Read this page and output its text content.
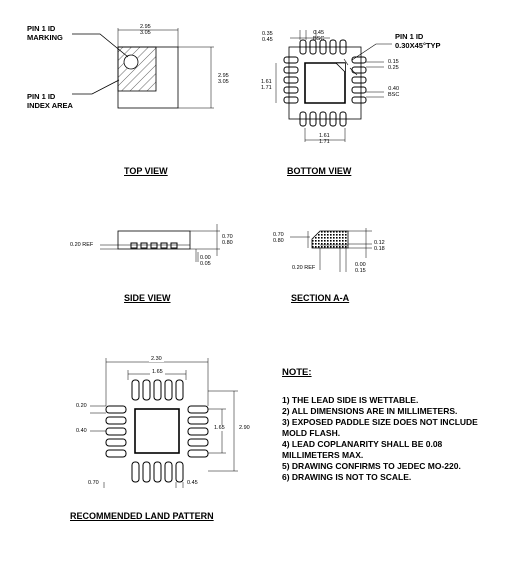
PIN 1 ID
MARKING
PIN 1 ID
INDEX AREA
2.95
3.05
2.95
3.05
PIN 1 ID
0.30X45°TYP
0.35
0.45
0.45
BSC
0.15
0.25
0.40
BSC
1.61
1.71
1.61
1.71
TOP VIEW	BOTTOM VIEW
0.20 REF
0.70
0.80
0.00
0.05
0.70
0.80	0.12
0.18
0.20 REF	0.00
0.15
SIDE VIEW	SECTION A-A
2.30
1.65
0.20
0.40	1.65	2.90
0.70	0.45
RECOMMENDED LAND PATTERN
NOTE:
1) THE LEAD SIDE IS WETTABLE.
2) ALL DIMENSIONS ARE IN MILLIMETERS.
3) EXPOSED PADDLE SIZE DOES NOT INCLUDE MOLD FLASH.
4) LEAD COPLANARITY SHALL BE 0.08 MILLIMETERS MAX.
5) DRAWING CONFIRMS TO JEDEC MO-220.
6) DRAWING IS NOT TO SCALE.
